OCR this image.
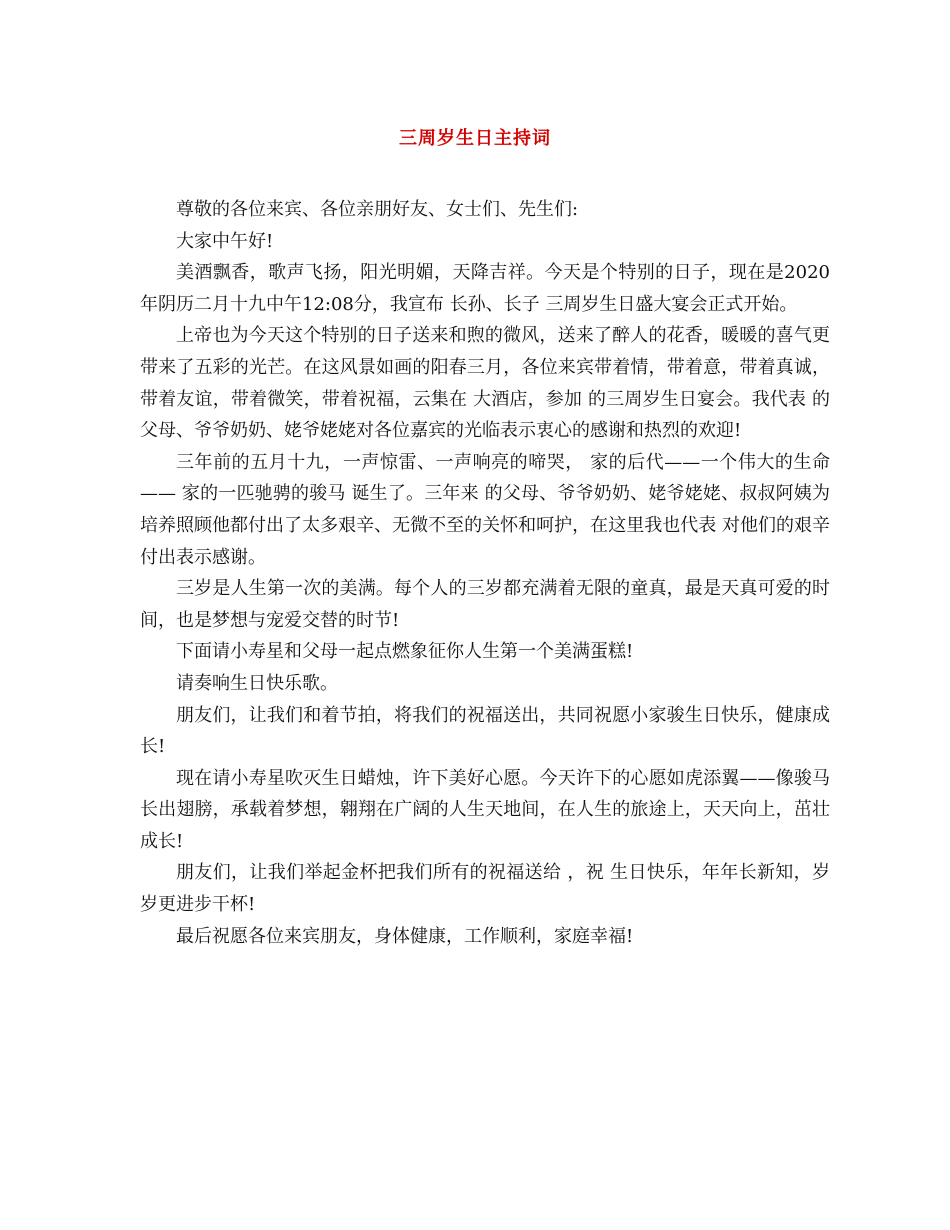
三周岁生日主持词

尊敬的各位来宾、各位亲朋好友、女士们、先生们:

大家中午好!

美酒飘香，歌声飞扬，阳光明媚，天降吉祥。今天是个特别的日子，现在是2020年阴历二月十九中午12:08分，我宣布 长孙、长子 三周岁生日盛大宴会正式开始。

上帝也为今天这个特别的日子送来和煦的微风，送来了醉人的花香，暖暖的喜气更带来了五彩的光芒。在这风景如画的阳春三月，各位来宾带着情，带着意，带着真诚，带着友谊，带着微笑，带着祝福，云集在 大酒店，参加 的三周岁生日宴会。我代表 的父母、爷爷奶奶、姥爷姥姥对各位嘉宾的光临表示衷心的感谢和热烈的欢迎!

三年前的五月十九，一声惊雷、一声响亮的啼哭， 家的后代——一个伟大的生命—— 家的一匹驰骋的骏马 诞生了。三年来 的父母、爷爷奶奶、姥爷姥姥、叔叔阿姨为培养照顾他都付出了太多艰辛、无微不至的关怀和呵护，在这里我也代表 对他们的艰辛付出表示感谢。

三岁是人生第一次的美满。每个人的三岁都充满着无限的童真，最是天真可爱的时间，也是梦想与宠爱交替的时节!

下面请小寿星和父母一起点燃象征你人生第一个美满蛋糕!

请奏响生日快乐歌。

朋友们，让我们和着节拍，将我们的祝福送出，共同祝愿小家骏生日快乐，健康成长!

现在请小寿星吹灭生日蜡烛，许下美好心愿。今天许下的心愿如虎添翼——像骏马长出翅膀，承载着梦想，翱翔在广阔的人生天地间，在人生的旅途上，天天向上，茁壮成长!

朋友们，让我们举起金杯把我们所有的祝福送给 ，祝 生日快乐，年年长新知，岁岁更进步干杯!

最后祝愿各位来宾朋友，身体健康，工作顺利，家庭幸福!
